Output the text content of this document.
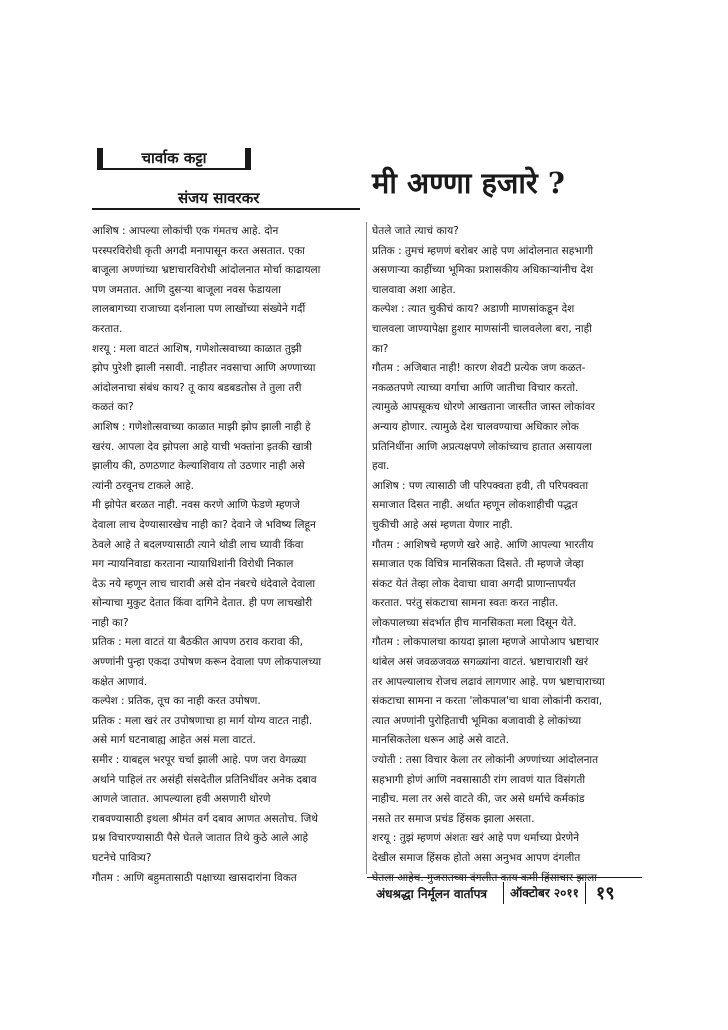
चार्वाक कट्टा
संजय सावरकर	मी अण्णा हजारे ?
आशिष : आपल्या लोकांची एक गंमतच आहे. दोन
परस्परविरोधी कृती अगदी मनापासून करत असतात. एका
बाजूला अण्णांच्या भ्रष्टाचारविरोधी आंदोलनात मोर्चा काढायला
पण जमतात. आणि दुसऱ्या बाजूला नवस फेडायला
लालबागच्या राजाच्या दर्शनाला पण लाखोंच्या संख्येने गर्दी
करतात.
शरयू : मला वाटतं आशिष, गणेशोत्सवाच्या काळात तुझी
झोप पुरेशी झाली नसावी. नाहीतर नवसाचा आणि अण्णाच्या
आंदोलनाचा संबंध काय? तू काय बडबडतोस ते तुला तरी
कळतं का?
आशिष : गणेशोत्सवाच्या काळात माझी झोप झाली नाही हे
खरंय. आपला देव झोपला आहे याची भक्तांना इतकी खात्री
झालीय की, ठणठणाट केल्याशिवाय तो उठणार नाही असे
त्यांनी ठरवूनच टाकले आहे.
मी झोपेत बरळत नाही. नवस करणे आणि फेडणे म्हणजे
देवाला लाच देण्यासारखेच नाही का? देवाने जे भविष्य लिहून
ठेवले आहे ते बदलण्यासाठी त्याने थोडी लाच घ्यावी किंवा
मग न्यायनिवाडा करताना न्यायाधिशांनी विरोधी निकाल
देऊ नये म्हणून लाच चारावी असे दोन नंबरचे धंदेवाले देवाला
सोन्याचा मुकुट देतात किंवा दागिने देतात. ही पण लाचखोरी
नाही का?
प्रतिक : मला वाटतं या बैठकीत आपण ठराव करावा की,
अण्णांनी पुन्हा एकदा उपोषण करून देवाला पण लोकपालच्या
कक्षेत आणावं.
कल्पेश : प्रतिक, तूच का नाही करत उपोषण.
प्रतिक : मला खरं तर उपोषणाचा हा मार्ग योग्य वाटत नाही.
असे मार्ग घटनाबाह्य आहेत असं मला वाटतं.
समीर : याबद्दल भरपूर चर्चा झाली आहे. पण जरा वेगळ्या
अर्थाने पाहिलं तर असंही संसदेतील प्रतिनिधींवर अनेक दबाव
आणले जातात. आपल्याला हवी असणारी धोरणे
राबवण्यासाठी इथला श्रीमंत वर्ग दबाव आणत असतोच. जिथे
प्रश्न विचारण्यासाठी पैसे घेतले जातात तिथे कुठे आले आहे
घटनेचे पावित्र्य?
गौतम : आणि बहुमतासाठी पक्षाच्या खासदारांना विकत
घेतले जाते त्याचं काय?
प्रतिक : तुमचं म्हणणं बरोबर आहे पण आंदोलनात सहभागी
असणाऱ्या काहींच्या भूमिका प्रशासकीय अधिकाऱ्यांनीच देश
चालवावा अशा आहेत.
कल्पेश : त्यात चुकीचं काय? अडाणी माणसांकडून देश
चालवला जाण्यापेक्षा हुशार माणसांनी चालवलेला बरा, नाही
का?
गौतम : अजिबात नाही! कारण शेवटी प्रत्येक जण कळत-
नकळतपणे त्याच्या वर्गाचा आणि जातीचा विचार करतो.
त्यामुळे आपसूकच धोरणे आखताना जास्तीत जास्त लोकांवर
अन्याय होणार. त्यामुळे देश चालवण्याचा अधिकार लोक
प्रतिनिधींना आणि अप्रत्यक्षपणे लोकांच्याच हातात असायला
हवा.
आशिष : पण त्यासाठी जी परिपक्वता हवी, ती परिपक्वता
समाजात दिसत नाही. अर्थात म्हणून लोकशाहीची पद्धत
चुकीची आहे असं म्हणता येणार नाही.
गौतम : आशिषचे म्हणणे खरे आहे. आणि आपल्या भारतीय
समाजात एक विचित्र मानसिकता दिसते. ती म्हणजे जेव्हा
संकट येतं तेव्हा लोक देवाचा धावा अगदी प्राणान्तापर्यंत
करतात. परंतु संकटाचा सामना स्वतः करत नाहीत.
लोकपालच्या संदर्भात हीच मानसिकता मला दिसून येते.
गौतम : लोकपालचा कायदा झाला म्हणजे आपोआप भ्रष्टाचार
थांबेल असं जवळजवळ सगळ्यांना वाटतं. भ्रष्टाचाराशी खरं
तर आपल्यालाच रोजच लढावं लागणार आहे. पण भ्रष्टाचाराच्या
संकटाचा सामना न करता 'लोकपाल'चा धावा लोकांनी करावा,
त्यात अण्णांनी पुरोहिताची भूमिका बजावावी हे लोकांच्या
मानसिकतेला धरून आहे असे वाटते.
ज्योती : तसा विचार केला तर लोकांनी अण्णांच्या आंदोलनात
सहभागी होणं आणि नवसासाठी रांग लावणं यात विसंगती
नाहीच. मला तर असे वाटते की, जर असे धर्माचे कर्मकांड
नसते तर समाज प्रचंड हिंसक झाला असता.
शरयू : तुझं म्हणणं अंशतः खरं आहे पण धर्माच्या प्रेरणेने
देखील समाज हिंसक होतो असा अनुभव आपण दंगलीत
अंधश्रद्धा निर्मूलन वार्तापत्र	ऑक्टोबर २०११ १९
